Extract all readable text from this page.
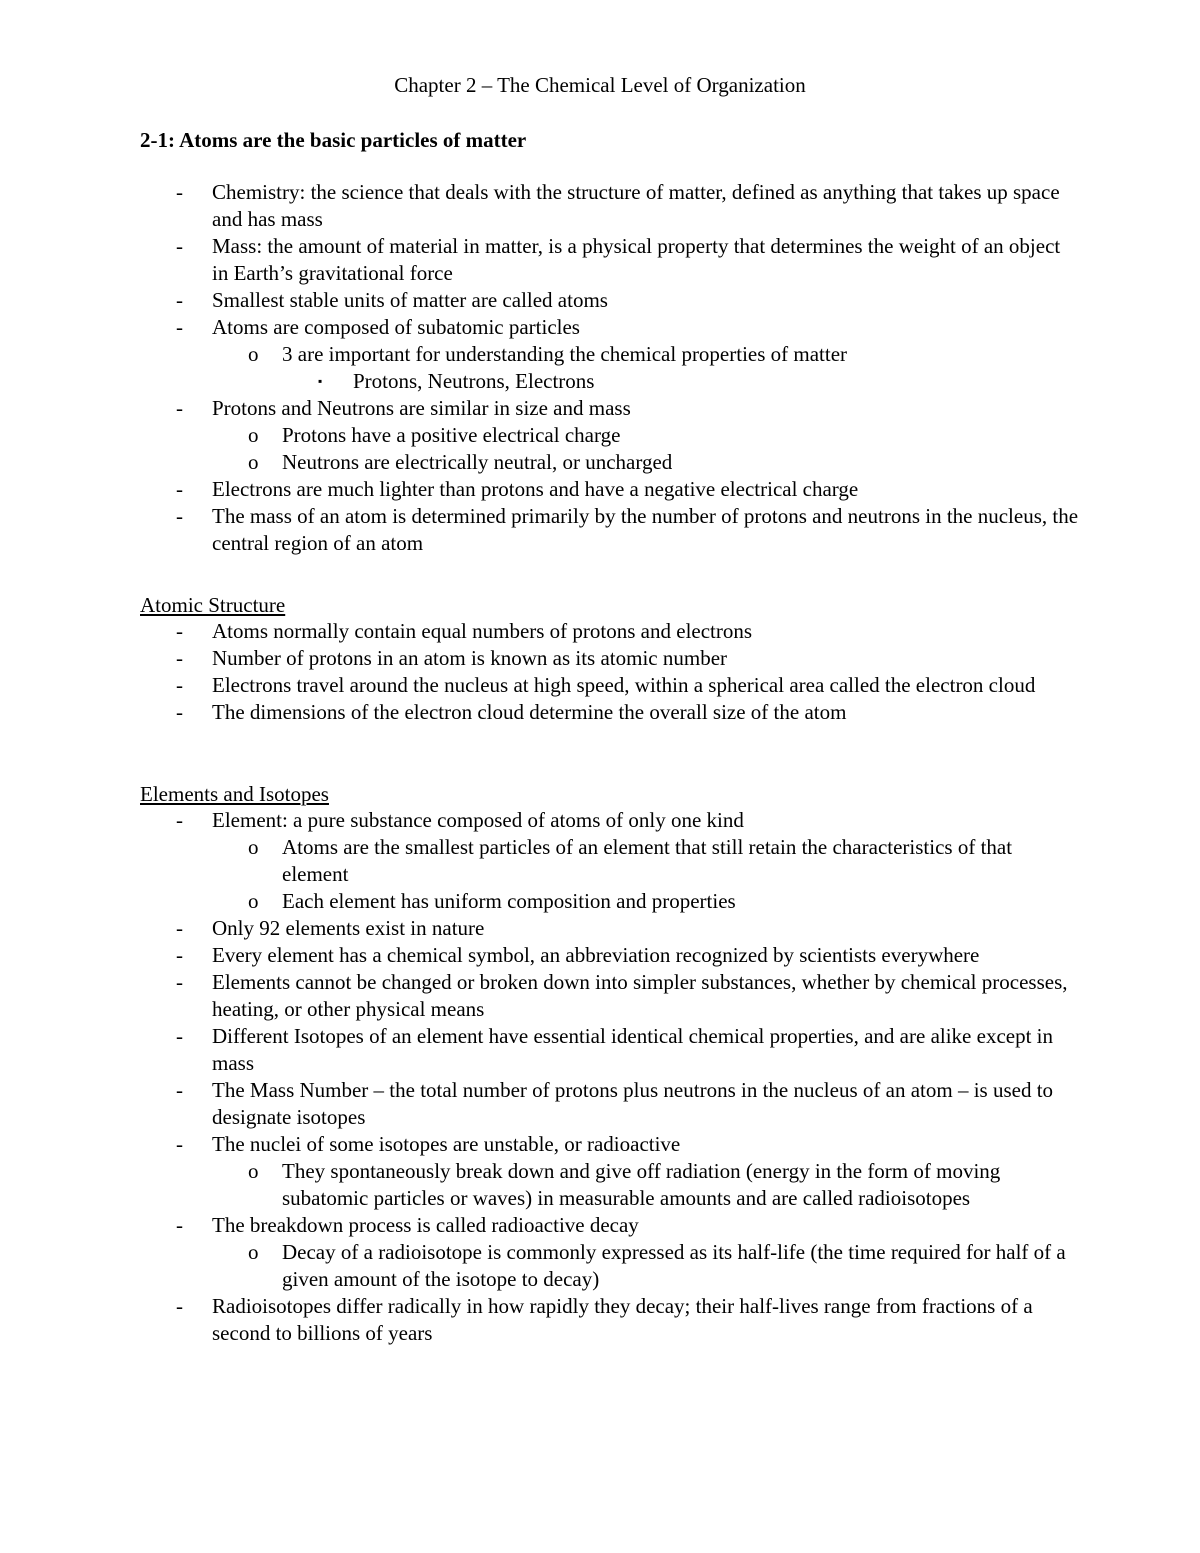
Chapter 2 – The Chemical Level of Organization
2-1: Atoms are the basic particles of matter
- Chemistry: the science that deals with the structure of matter, defined as anything that takes up space and has mass
- Mass: the amount of material in matter, is a physical property that determines the weight of an object in Earth’s gravitational force
- Smallest stable units of matter are called atoms
- Atoms are composed of subatomic particles
o 3 are important for understanding the chemical properties of matter
▪ Protons, Neutrons, Electrons
- Protons and Neutrons are similar in size and mass
o Protons have a positive electrical charge
o Neutrons are electrically neutral, or uncharged
- Electrons are much lighter than protons and have a negative electrical charge
- The mass of an atom is determined primarily by the number of protons and neutrons in the nucleus, the central region of an atom
Atomic Structure
- Atoms normally contain equal numbers of protons and electrons
- Number of protons in an atom is known as its atomic number
- Electrons travel around the nucleus at high speed, within a spherical area called the electron cloud
- The dimensions of the electron cloud determine the overall size of the atom
Elements and Isotopes
- Element: a pure substance composed of atoms of only one kind
o Atoms are the smallest particles of an element that still retain the characteristics of that element
o Each element has uniform composition and properties
- Only 92 elements exist in nature
- Every element has a chemical symbol, an abbreviation recognized by scientists everywhere
- Elements cannot be changed or broken down into simpler substances, whether by chemical processes, heating, or other physical means
- Different Isotopes of an element have essential identical chemical properties, and are alike except in mass
- The Mass Number – the total number of protons plus neutrons in the nucleus of an atom – is used to designate isotopes
- The nuclei of some isotopes are unstable, or radioactive
o They spontaneously break down and give off radiation (energy in the form of moving subatomic particles or waves) in measurable amounts and are called radioisotopes
- The breakdown process is called radioactive decay
o Decay of a radioisotope is commonly expressed as its half-life (the time required for half of a given amount of the isotope to decay)
- Radioisotopes differ radically in how rapidly they decay; their half-lives range from fractions of a second to billions of years
